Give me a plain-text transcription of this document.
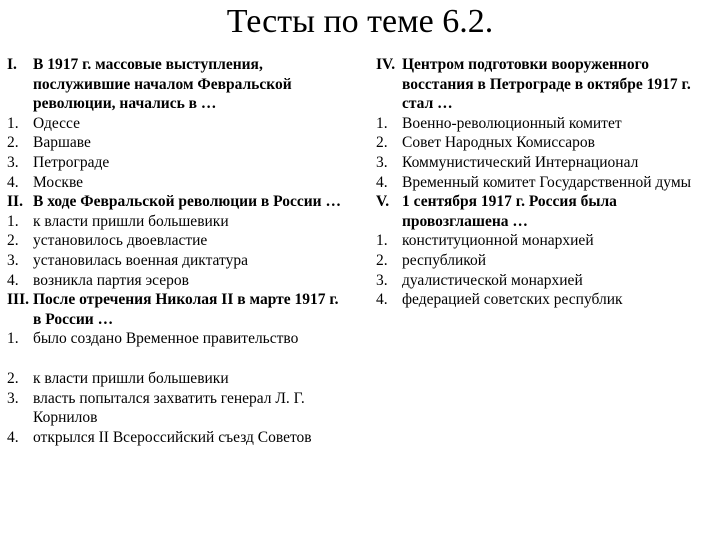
Тесты по теме 6.2.
I. В 1917 г. массовые выступления, послужившие началом Февральской революции, начались в …
1. Одессе
2. Варшаве
3. Петрограде
4. Москве
II. В ходе Февральской революции в России …
1. к власти пришли большевики
2. установилось двоевластие
3. установилась военная диктатура
4. возникла партия эсеров
III. После отречения Николая II в марте 1917 г. в России …
1. было создано Временное правительство
2. к власти пришли большевики
3. власть попытался захватить генерал Л. Г. Корнилов
4. открылся II Всероссийский съезд Советов
IV. Центром подготовки вооруженного восстания в Петрограде в октябре 1917 г. стал …
1. Военно-революционный комитет
2. Совет Народных Комиссаров
3. Коммунистический Интернационал
4. Временный комитет Государственной думы
V. 1 сентября 1917 г. Россия была провозглашена …
1. конституционной монархией
2. республикой
3. дуалистической монархией
4. федерацией советских республик
